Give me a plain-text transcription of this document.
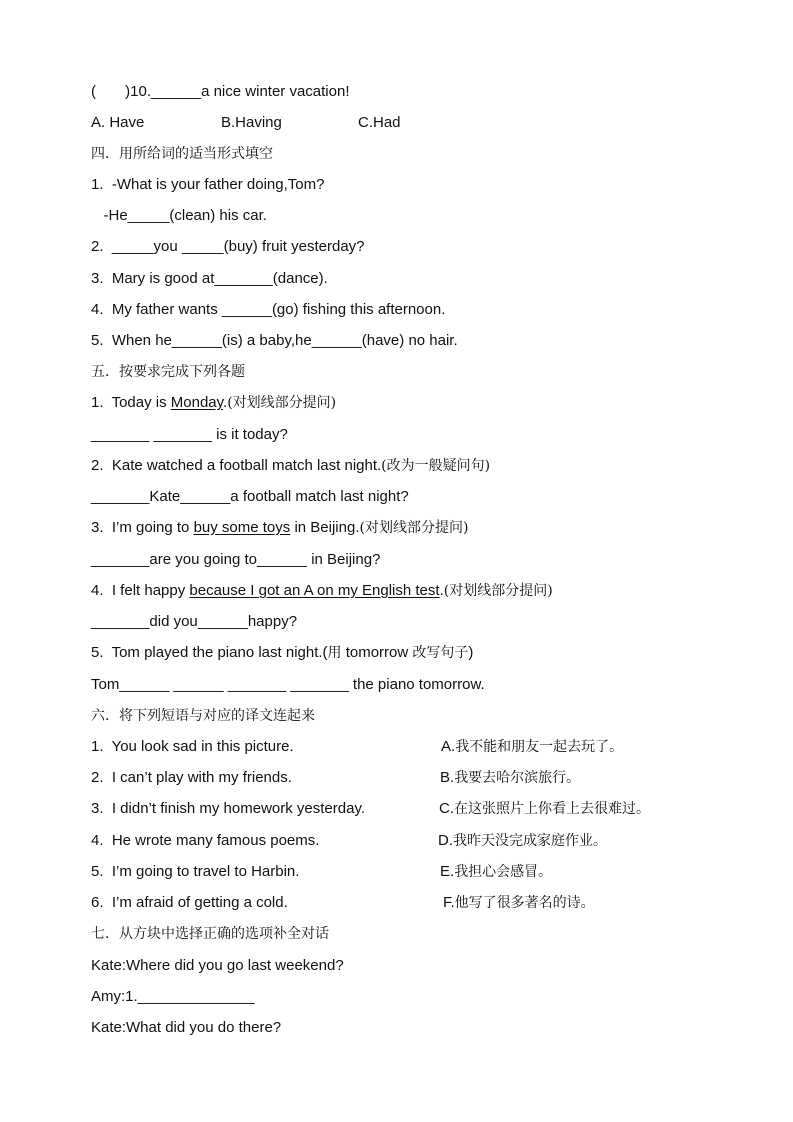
(       )10.______a nice winter vacation!
A. Have	B.Having	C.Had
四．用所给词的适当形式填空
1.  -What is your father doing,Tom?
-He_____(clean) his car.
2.  _____you _____(buy) fruit yesterday?
3.  Mary is good at_______(dance).
4.  My father wants ______(go) fishing this afternoon.
5.  When he______(is) a baby,he______(have) no hair.
五．按要求完成下列各题
1.  Today is Monday.(对划线部分提问)
_______ _______ is it today?
2.  Kate watched a football match last night.(改为一般疑问句)
_______Kate______a football match last night?
3.  I’m going to buy some toys in Beijing.(对划线部分提问)
_______are you going to______ in Beijing?
4.  I felt happy because I got an A on my English test.(对划线部分提问)
_______did you______happy?
5.  Tom played the piano last night.(用 tomorrow 改写句子)
Tom______ ______ _______ _______ the piano tomorrow.
六．将下列短语与对应的译文连起来
1.  You look sad in this picture.
2.  I can’t play with my friends.
3.  I didn’t finish my homework yesterday.
4.  He wrote many famous poems.
5.  I’m going to travel to Harbin.
6.  I’m afraid of getting a cold.
A.我不能和朋友一起去玩了。
B.我要去哈尔滨旅行。
C.在这张照片上你看上去很难过。
D.我昨天没完成家庭作业。
E.我担心会感冒。
F.他写了很多著名的诗。
七．从方块中选择正确的选项补全对话
Kate:Where did you go last weekend?
Amy:1.______________
Kate:What did you do there?
